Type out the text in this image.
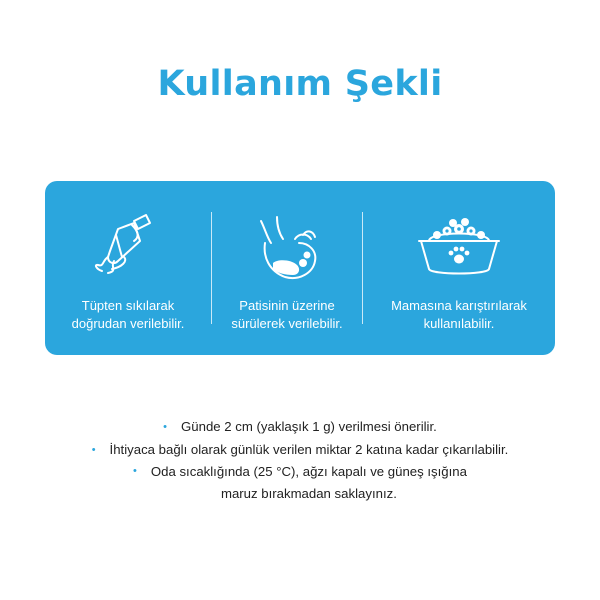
Kullanım Şekli
Tüpten sıkılarak
doğrudan verilebilir.
Patisinin üzerine
sürülerek verilebilir.
Mamasına karıştırılarak
kullanılabilir.
• Günde 2 cm (yaklaşık 1 g) verilmesi önerilir.
• İhtiyaca bağlı olarak günlük verilen miktar 2 katına kadar çıkarılabilir.
• Oda sıcaklığında (25 °C), ağzı kapalı ve güneş ışığına
maruz bırakmadan saklayınız.
